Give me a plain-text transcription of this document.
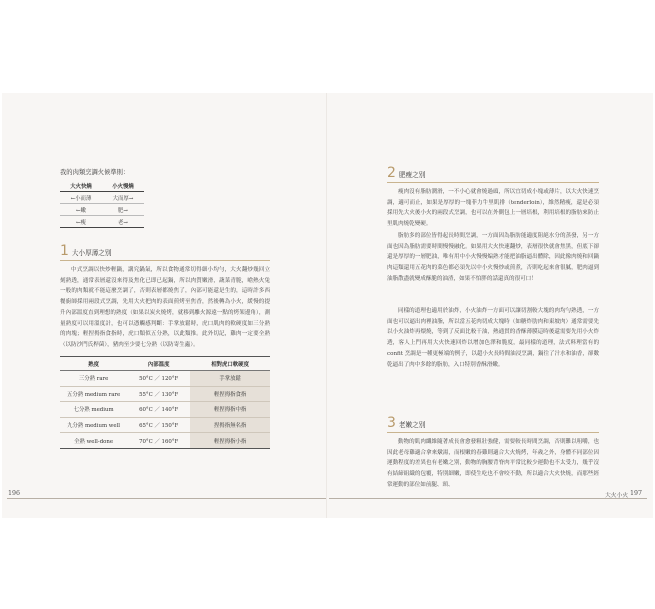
我的肉類烹調火候準則：
大火快燒	小火慢燒
←小而薄	大而厚→
←嫩	肥→
←瘦	老→
1 大小厚薄之別
中式烹調以快炒輕鍋，講究鍋氣，所以食物通常切得細小均勻，大火翻炒幾回立刻熟透，通常表層還沒來得及焦化已即已起鍋，所以肉質嫩滑，蔬菜青脆，嗆熱火兔一般的肉類就不能這麼烹調了，否則表層都燒焦了，內部可能還是生的，這時許多西餐廚師採用兩段式烹調，先用大火把肉的表面煎烤至焦香，然後轉為小火，緩慢的提升內部溫度直到理想的熟度（如果以炭火燒烤，就移到離火源遠一點的烤架邊角），測量熟度可以用溫度計，也可以憑觸感判斷：手掌放鬆時，虎口肌肉的軟硬度如三分熟的肉塊；輕捏拇指食指時，虎口類似五分熟，以此類推。此外切記，雞肉一定要全熟（以防沙門氏桿菌），豬肉至少要七分熟（以防寄生蟲）。
熟度	內部溫度	相對虎口軟硬度
三分熟 rare	50°C ／ 120°F	手掌放鬆
五分熟 medium rare	55°C ／ 130°F	輕捏拇指食指
七分熟 medium	60°C ／ 140°F	輕捏拇指中指
九分熟 medium well	65°C ／ 150°F	捏拇指無名指
全熟 well-done	70°C ／ 160°F	輕捏拇指小指
196
2 肥瘦之別
瘦肉沒有脂肪潤滑，一不小心就會燒過頭，所以宜切成小塊或薄片，以大火快速烹調，適可而止，如果是厚厚的一塊菲力牛里肌排（tenderloin），維然精瘦，還是必須採用先大火後小火的兩段式烹調，也可以在外側包上一層培根，利用培根的脂肪來防止里肌肉燒乾變硬。
脂肪多的部位皆得起長時間烹調，一方面因為脂肪能適度阻絕水分的蒸發，另一方面也因為脂肪需要時間慢慢融化。如果用大火快速翻炒，表層很快就會焦黑，但底下卻還是厚厚的一層肥油，唯有用中小火慢慢煸熟才能把油脂逼出體除，因此像肉燒和回鍋肉這類還用五花肉的菜色都必須先以中小火慢炒或煎煮，否則吃起來會很膩，肥肉逼到油脂散盡就變成酥脆的油渣，如果不怕胖的話還真的很可口！
同樣的道理也適用於油炸，小火油炸一方面可以讓切割較大塊的肉均勻熟透，一方面也可以逼出肉裡油脂，所以當五花肉切成大塊時（如糖炸肋肉和東坡肉）通常需要先以小火油炸再煨燒，等到了反面比較干油，熱通貫的香酥薄膜這時後還需要先用小火炸透，客人上門再用大火快速回炸以增加色澤和脆度，最同樣的道理，法式料理當有的 confit 烹調是一種更極端的例子，以超小火長時間油浸烹調，鍋往了汁水和油香，卻數乾逼出了肉中多餘的脂肪，入口特別香酥滑嫩。
3 老嫩之別
動物的肌肉纖維隨著成長會愈發粗壯強健，需要較長時間烹調，否則難以咀嚼，也因此老母雞適合拿來燉湯，而根嫩的春雞則適合大火燒烤，年歲之外，身體不同部位因運動程度的差異也有老嫩之別，動物的胸腰背脊肉平常比較少運動也不太受力，幾乎沒有結締組織的包覆，特別細嫩，即使生吃也不會咬不動，所以適合大火快燒，而那些經常運動的部位如前腿、頸、
大火小火 197
